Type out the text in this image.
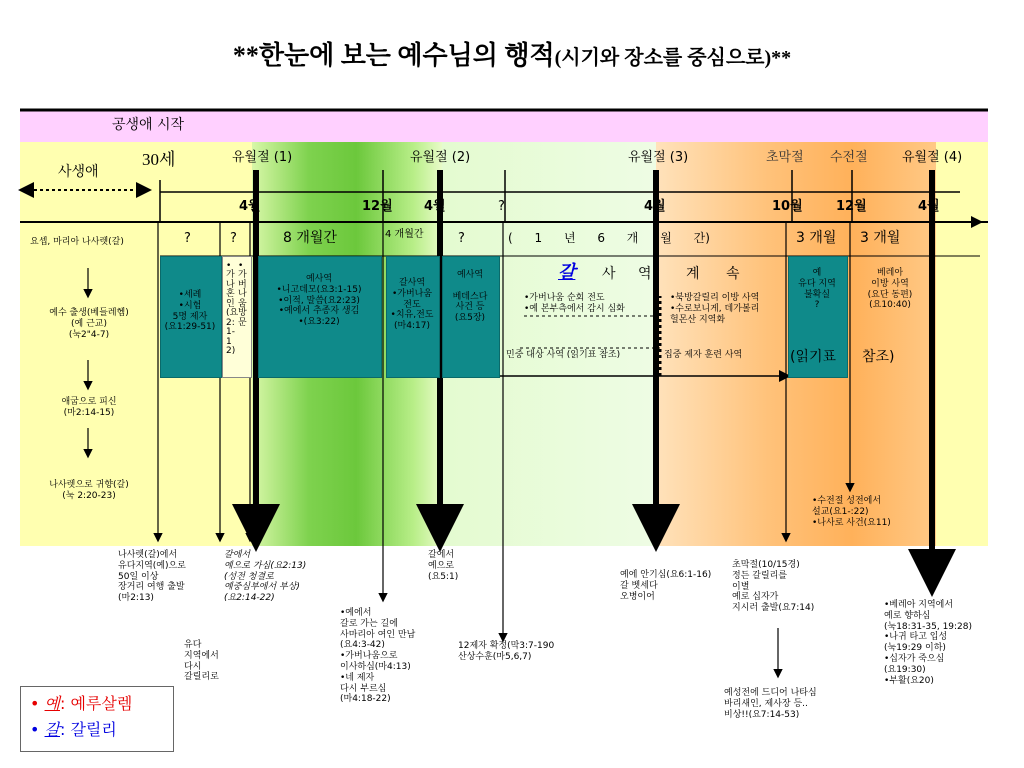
**한눈에 보는 예수님의 행적(시기와 장소를 중심으로)**
공생애 시작
사생애
30세	유월절 (1)	유월절 (2)	유월절 (3)	초막절 수전절	유월절 (4)
4월	12월 4월	?	4월	10월	12월	4월
?	?	8 개월간	4 개월간	?	( 1 년 6 개 월 간)	3 개월 3 개월
요셉, 마리아 나사렛(갈)
예수 출생(베들레헴)
(예 근교)
(눅2"4-7)
애굽으로 피신
(마2:14-15)
나사렛으로 귀향(갈)
(눅 2:20-23)
•세례
•시험
5명 제자
(요1:29-51)
•가나혼인(요2:1-12)
•가버나움방문
예사역
•니고데모(요3:1-15)
•이적, 말씀(요2:23)
•예에서 추종자 생김
•(요3:22)
갈사역
•가버나움
전도
•치유,전도
(마4:17)
예사역

베데스다
사건 등
(요5장)
예
유다 지역
불확실
?
베레아
이방 사역
(요단 동편)
(요10:40)
갈 사 역 계 속
•가버나움 순회 전도
•예 본부측에서 감시 심화
•북방갈릴리 이방 사역
•수로보니게, 데가볼리
헐몬산 지역화
민중 대상 사역 (읽기표 참조)	집중 제자 훈련 사역	(읽기표 참조)
•수전절 성전에서
설교(요1-:22)
•나사로 사건(요11)
나사렛(갈)에서
유다지역(예)으로
50일 이상
장거리 여행 출발
(마2:13)
갈에서
예으로 가심(요2:13)
(성전 청결로
예중심부에서 부상)
(요2:14-22)
갈에서
예으로
(요5:1)	예에 안기심(요6:1-16)
갈 벳세다
오병이어
초막절(10/15경)
정든 갈릴리를
이별
예로 십자가
지시러 출발(요7:14)	•베레아 지역에서
예로 향하심
(눅18:31-35, 19:28)
•나귀 타고 입성
(눅19:29 이하)
•십자가 죽으심
(요19:30)
•부활(요20)
•예에서
갈로 가는 길에
사마리아 여인 만남
(요4:3-42)
•가버나움으로
이사하심(마4:13)
•네 제자
다시 부르심
(마4:18-22)
12제자 확정(막3:7-190
산상수훈(마5,6,7)
유다
지역에서
다시
갈릴리로
예성전에 드디어 나타심
바리새인, 제사장 등..
비상!!(요7:14-53)
• 예: 예루살렘
• 갈: 갈릴리
